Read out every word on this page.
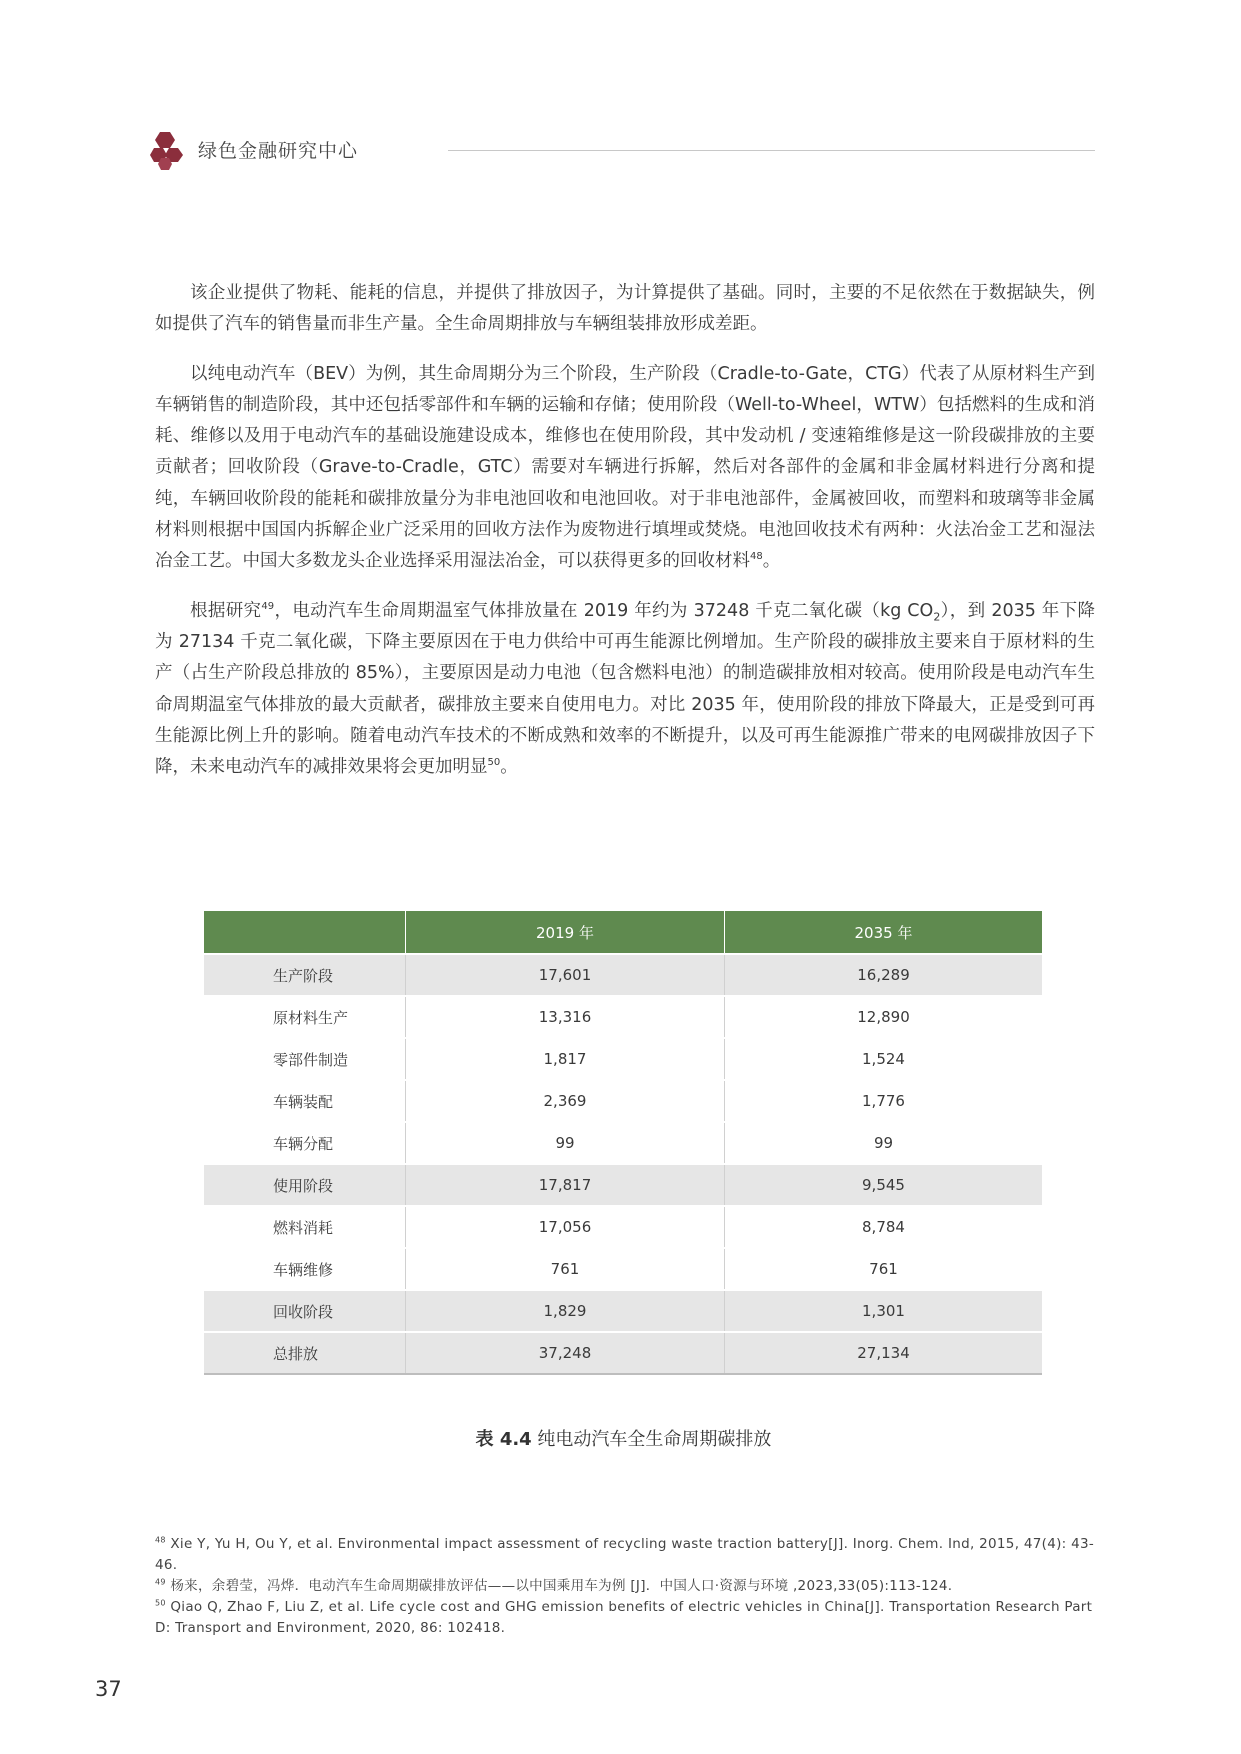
绿色金融研究中心

该企业提供了物耗、能耗的信息，并提供了排放因子，为计算提供了基础。同时，主要的不足依然在于数据缺失，例如提供了汽车的销售量而非生产量。全生命周期排放与车辆组装排放形成差距。

以纯电动汽车（BEV）为例，其生命周期分为三个阶段，生产阶段（Cradle-to-Gate，CTG）代表了从原材料生产到车辆销售的制造阶段，其中还包括零部件和车辆的运输和存储；使用阶段（Well-to-Wheel，WTW）包括燃料的生成和消耗、维修以及用于电动汽车的基础设施建设成本，维修也在使用阶段，其中发动机 / 变速箱维修是这一阶段碳排放的主要贡献者；回收阶段（Grave-to-Cradle，GTC）需要对车辆进行拆解，然后对各部件的金属和非金属材料进行分离和提纯，车辆回收阶段的能耗和碳排放量分为非电池回收和电池回收。对于非电池部件，金属被回收，而塑料和玻璃等非金属材料则根据中国国内拆解企业广泛采用的回收方法作为废物进行填埋或焚烧。电池回收技术有两种：火法冶金工艺和湿法冶金工艺。中国大多数龙头企业选择采用湿法冶金，可以获得更多的回收材料$^{48}$。

根据研究$^{49}$，电动汽车生命周期温室气体排放量在 2019 年约为 37248 千克二氧化碳（kg $CO_2$），到 2035 年下降为 27134 千克二氧化碳，下降主要原因在于电力供给中可再生能源比例增加。生产阶段的碳排放主要来自于原材料的生产（占生产阶段总排放的 85%），主要原因是动力电池（包含燃料电池）的制造碳排放相对较高。使用阶段是电动汽车生命周期温室气体排放的最大贡献者，碳排放主要来自使用电力。对比 2035 年，使用阶段的排放下降最大，正是受到可再生能源比例上升的影响。随着电动汽车技术的不断成熟和效率的不断提升，以及可再生能源推广带来的电网碳排放因子下降，未来电动汽车的减排效果将会更加明显$^{50}$。

	2019 年	2035 年
生产阶段	17,601	16,289
原材料生产	13,316	12,890
零部件制造	1,817	1,524
车辆装配	2,369	1,776
车辆分配	99	99
使用阶段	17,817	9,545
燃料消耗	17,056	8,784
车辆维修	761	761
回收阶段	1,829	1,301
总排放	37,248	27,134
表 4.4 纯电动汽车全生命周期碳排放
$^{48}$ Xie Y, Yu H, Ou Y, et al. Environmental impact assessment of recycling waste traction battery[J]. Inorg. Chem. Ind, 2015, 47(4): 43-46.
$^{49}$ 杨来，余碧莹，冯烨．电动汽车生命周期碳排放评估——以中国乘用车为例 [J]．中国人口·资源与环境 ,2023,33(05):113-124.
$^{50}$ Qiao Q, Zhao F, Liu Z, et al. Life cycle cost and GHG emission benefits of electric vehicles in China[J]. Transportation Research Part D: Transport and Environment, 2020, 86: 102418.
37
